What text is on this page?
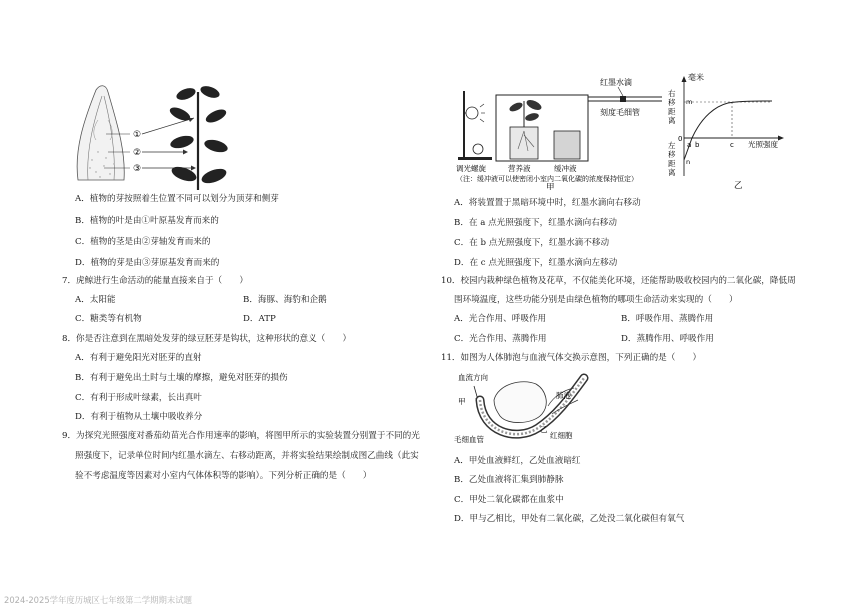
①
②
③
A．植物的芽按照着生位置不同可以划分为顶芽和侧芽
B．植物的叶是由①叶原基发育而来的
C．植物的茎是由②芽轴发育而来的
D．植物的芽是由③芽原基发育而来的
7．虎鲸进行生命活动的能量直接来自于（　　）
A．太阳能	B．海豚、海豹和企鹅
C．糖类等有机物	D．ATP
8．你是否注意到在黑暗处发芽的绿豆胚芽是钩状，这种形状的意义（　　）
A．有利于避免阳光对胚芽的直射
B．有利于避免出土时与土壤的摩擦，避免对胚芽的损伤
C．有利于形成叶绿素，长出真叶
D．有利于植物从土壤中吸收养分
9．为探究光照强度对番茄幼苗光合作用速率的影响，将图甲所示的实验装置分别置于不同的光
照强度下，记录单位时间内红墨水滴左、右移动距离，并将实验结果绘制成图乙曲线（此实
验不考虑温度等因素对小室内气体体积等的影响）。下列分析正确的是（　　）
红墨水滴
刻度毛细管
调光螺旋	营养液	缓冲液
（注：缓冲液可以使密闭小室内二氧化碳的浓度保持恒定）
甲
毫米
右
移
距
离
左
移
距
离
0
a b	c
m
n
光照强度
乙
A．将装置置于黑暗环境中时，红墨水滴向右移动
B．在 a 点光照强度下，红墨水滴向右移动
C．在 b 点光照强度下，红墨水滴不移动
D．在 c 点光照强度下，红墨水滴向左移动
10．校园内栽种绿色植物及花草，不仅能美化环境，还能帮助吸收校园内的二氧化碳，降低周
围环境温度，这些功能分别是由绿色植物的哪项生命活动来实现的（　　）
A．光合作用、呼吸作用	B．呼吸作用、蒸腾作用
C．光合作用、蒸腾作用	D．蒸腾作用、呼吸作用
11．如图为人体肺泡与血液气体交换示意图，下列正确的是（　　）
血流方向
甲
肺泡
毛细血管	红细胞
乙
A．甲处血液鲜红，乙处血液暗红
B．乙处血液将汇集到肺静脉
C．甲处二氧化碳都在血浆中
D．甲与乙相比，甲处有二氧化碳，乙处没二氧化碳但有氧气
2024-2025学年度历城区七年级第二学期期末试题
